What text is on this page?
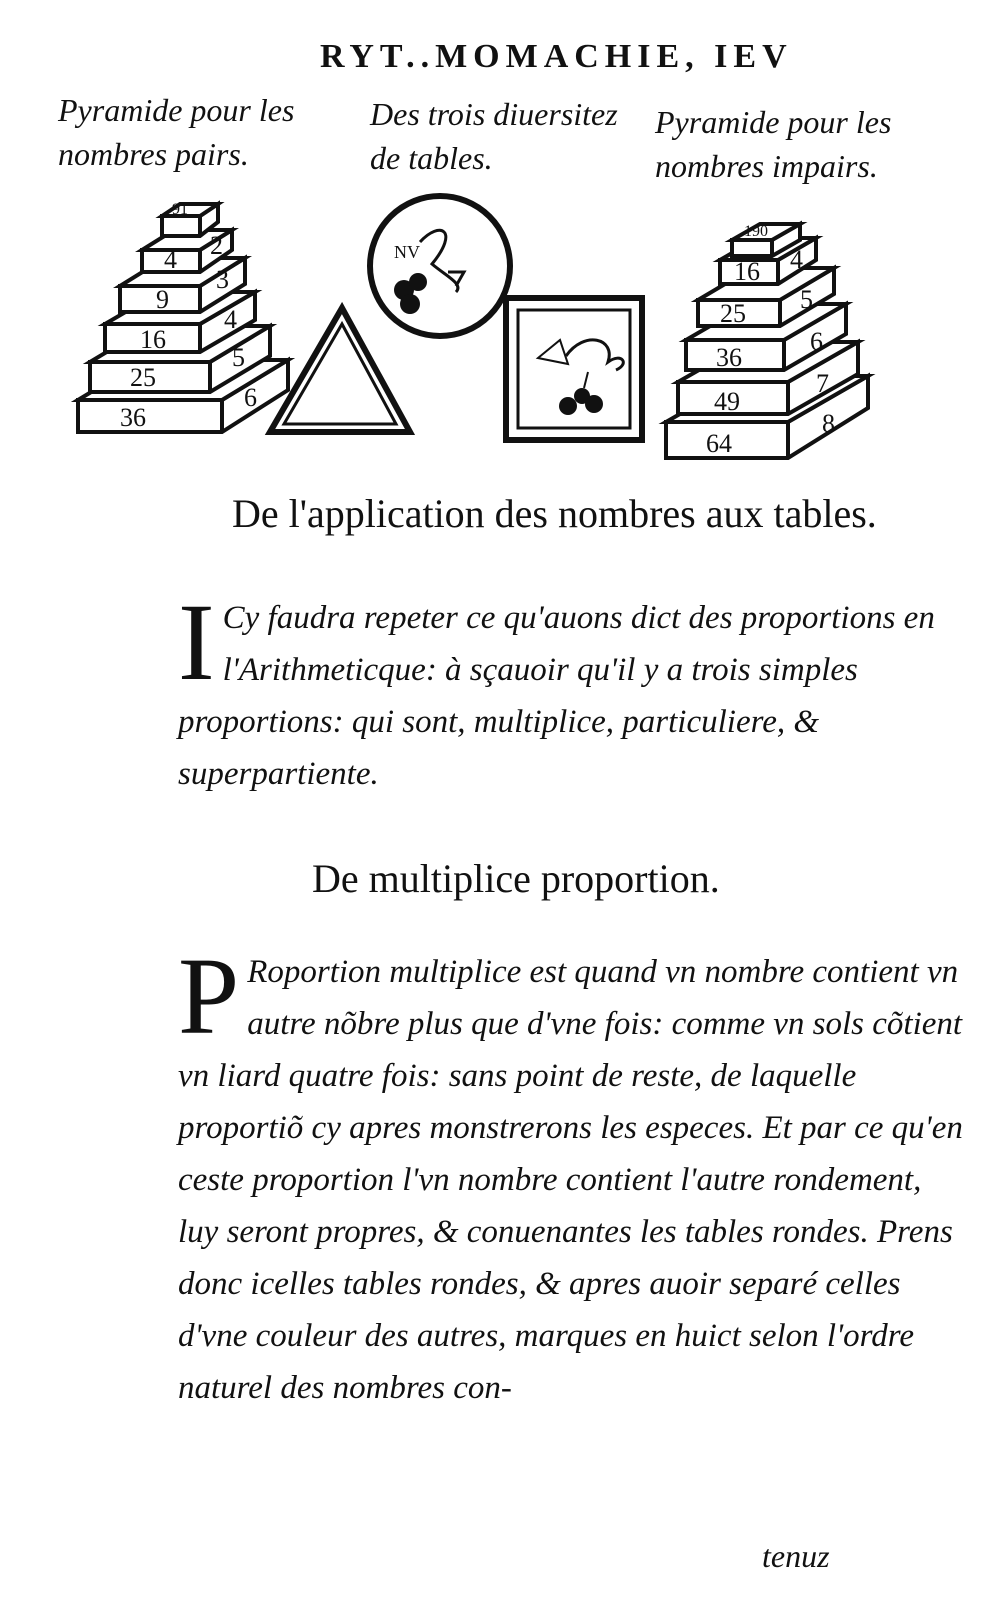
RYT..MOMACHIE, IEV
Pyramide pour les nombres pairs.
Des trois diuersitez de tables.
Pyramide pour les nombres impairs.
36
25
16
9
4
6
5
4
3
2
91
NV
64
49
36
25
16
8
7
6
5
4
190
De l'application des nombres aux tables.
I Cy faudra repeter ce qu'auons dict des proportions en l'Arithmeticque: à sçauoir qu'il y a trois simples proportions: qui sont, multiplice, particuliere, & superpartiente.
De multiplice proportion.
P Roportion multiplice est quand vn nombre contient vn autre nõbre plus que d'vne fois: comme vn sols cõtient vn liard quatre fois: sans point de reste, de laquelle proportiõ cy apres monstrerons les especes. Et par ce qu'en ceste proportion l'vn nombre contient l'autre rondement, luy seront propres, & conuenantes les tables rondes. Prens donc icelles tables rondes, & apres auoir separé celles d'vne couleur des autres, marques en huict selon l'ordre naturel des nombres con-
tenuz
